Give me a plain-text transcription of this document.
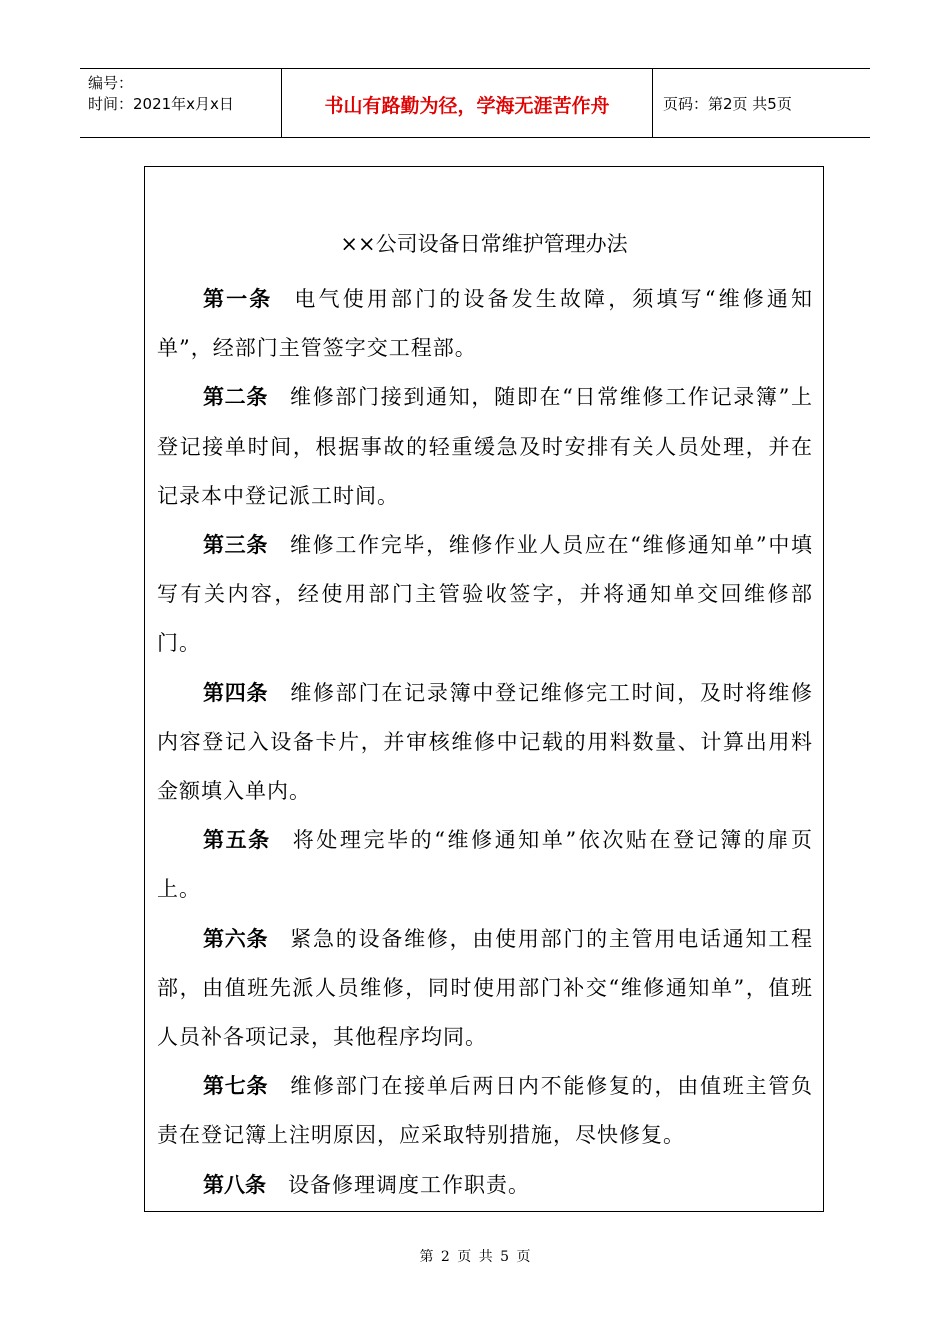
编号：
时间：2021年x月x日	书山有路勤为径，学海无涯苦作舟	页码：第2页 共5页
××公司设备日常维护管理办法

第一条 电气使用部门的设备发生故障，须填写“维修通知单”，经部门主管签字交工程部。

第二条 维修部门接到通知，随即在“日常维修工作记录簿”上登记接单时间，根据事故的轻重缓急及时安排有关人员处理，并在记录本中登记派工时间。

第三条 维修工作完毕，维修作业人员应在“维修通知单”中填写有关内容，经使用部门主管验收签字，并将通知单交回维修部门。

第四条 维修部门在记录簿中登记维修完工时间，及时将维修内容登记入设备卡片，并审核维修中记载的用料数量、计算出用料金额填入单内。

第五条 将处理完毕的“维修通知单”依次贴在登记簿的扉页上。

第六条 紧急的设备维修，由使用部门的主管用电话通知工程部，由值班先派人员维修，同时使用部门补交“维修通知单”，值班人员补各项记录，其他程序均同。

第七条 维修部门在接单后两日内不能修复的，由值班主管负责在登记簿上注明原因，应采取特别措施，尽快修复。

第八条 设备修理调度工作职责。

第 2 页 共 5 页
